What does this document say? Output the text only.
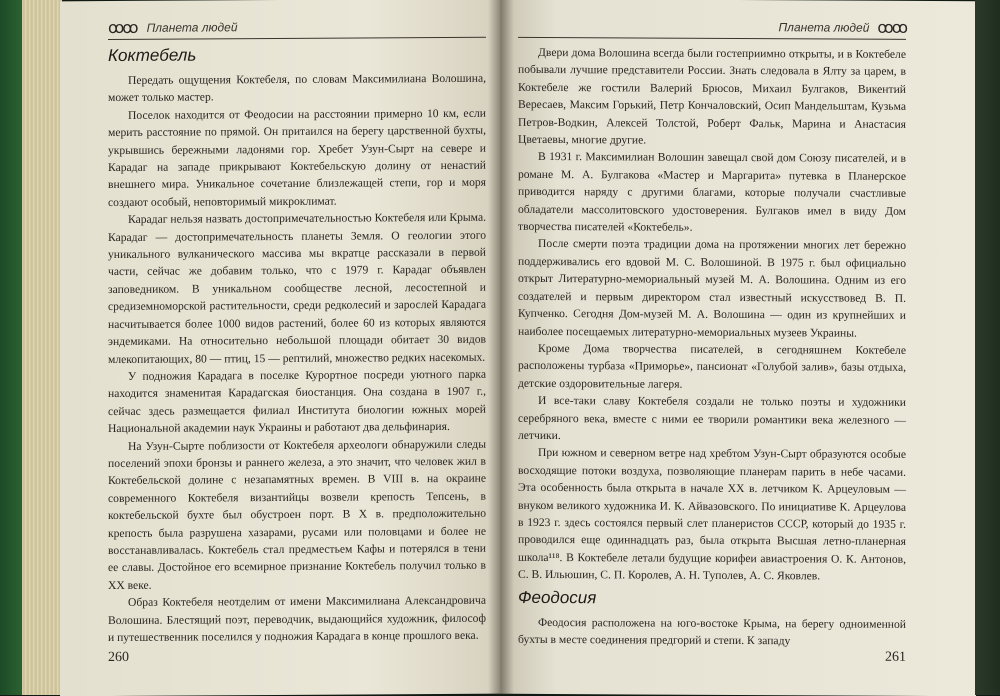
ꝏꝏ Планета людей
Коктебель

Передать ощущения Коктебеля, по словам Максимилиана Волошина, может только мастер.

Поселок находится от Феодосии на расстоянии примерно 10 км, если мерить расстояние по прямой. Он притаился на берегу царственной бухты, укрывшись бережными ладонями гор. Хребет Узун-Сырт на севере и Карадаг на западе прикрывают Коктебельскую долину от ненастий внешнего мира. Уникальное сочетание близлежащей степи, гор и моря создают особый, неповторимый микроклимат.

Карадаг нельзя назвать достопримечательностью Коктебеля или Крыма. Карадаг — достопримечательность планеты Земля. О геологии этого уникального вулканического массива мы вкратце рассказали в первой части, сейчас же добавим только, что с 1979 г. Карадаг объявлен заповедником. В уникальном сообществе лесной, лесостепной и средиземноморской растительности, среди редколесий и зарослей Карадага насчитывается более 1000 видов растений, более 60 из которых являются эндемиками. На относительно небольшой площади обитает 30 видов млекопитающих, 80 — птиц, 15 — рептилий, множество редких насекомых.

У подножия Карадага в поселке Курортное посреди уютного парка находится знаменитая Карадагская биостанция. Она создана в 1907 г., сейчас здесь размещается филиал Института биологии южных морей Национальной академии наук Украины и работают два дельфинария.

На Узун-Сырте поблизости от Коктебеля археологи обнаружили следы поселений эпохи бронзы и раннего железа, а это значит, что человек жил в Коктебельской долине с незапамятных времен. В VIII в. на окраине современного Коктебеля византийцы возвели крепость Тепсень, в коктебельской бухте был обустроен порт. В X в. предположительно крепость была разрушена хазарами, русами или половцами и более не восстанавливалась. Коктебель стал предместьем Кафы и потерялся в тени ее славы. Достойное его всемирное признание Коктебель получил только в XX веке.

Образ Коктебеля неотделим от имени Максимилиана Александровича Волошина. Блестящий поэт, переводчик, выдающийся художник, философ и путешественник поселился у подножия Карадага в конце прошлого века.

260
Планета людей ꝏꝏ

Двери дома Волошина всегда были гостеприимно открыты, и в Коктебеле побывали лучшие представители России. Знать следовала в Ялту за царем, в Коктебеле же гостили Валерий Брюсов, Михаил Булгаков, Викентий Вересаев, Максим Горький, Петр Кончаловский, Осип Мандельштам, Кузьма Петров-Водкин, Алексей Толстой, Роберт Фальк, Марина и Анастасия Цветаевы, многие другие.

В 1931 г. Максимилиан Волошин завещал свой дом Союзу писателей, и в романе М. А. Булгакова «Мастер и Маргарита» путевка в Планерское приводится наряду с другими благами, которые получали счастливые обладатели массолитовского удостоверения. Булгаков имел в виду Дом творчества писателей «Коктебель».

После смерти поэта традиции дома на протяжении многих лет бережно поддерживались его вдовой М. С. Волошиной. В 1975 г. был официально открыт Литературно-мемориальный музей М. А. Волошина. Одним из его создателей и первым директором стал известный искусствовед В. П. Купченко. Сегодня Дом-музей М. А. Волошина — один из крупнейших и наиболее посещаемых литературно-мемориальных музеев Украины.

Кроме Дома творчества писателей, в сегодняшнем Коктебеле расположены турбаза «Приморье», пансионат «Голубой залив», базы отдыха, детские оздоровительные лагеря.

И все-таки славу Коктебеля создали не только поэты и художники серебряного века, вместе с ними ее творили романтики века железного — летчики.

При южном и северном ветре над хребтом Узун-Сырт образуются особые восходящие потоки воздуха, позволяющие планерам парить в небе часами. Эта особенность была открыта в начале XX в. летчиком К. Арцеуловым — внуком великого художника И. К. Айвазовского. По инициативе К. Арцеулова в 1923 г. здесь состоялся первый слет планеристов СССР, который до 1935 г. проводился еще одиннадцать раз, была открыта Высшая летно-планерная школа¹¹⁸. В Коктебеле летали будущие корифеи авиастроения О. К. Антонов, С. В. Ильюшин, С. П. Королев, А. Н. Туполев, А. С. Яковлев.

Феодосия

Феодосия расположена на юго-востоке Крыма, на берегу одноименной бухты в месте соединения предгорий и степи. К западу

261
